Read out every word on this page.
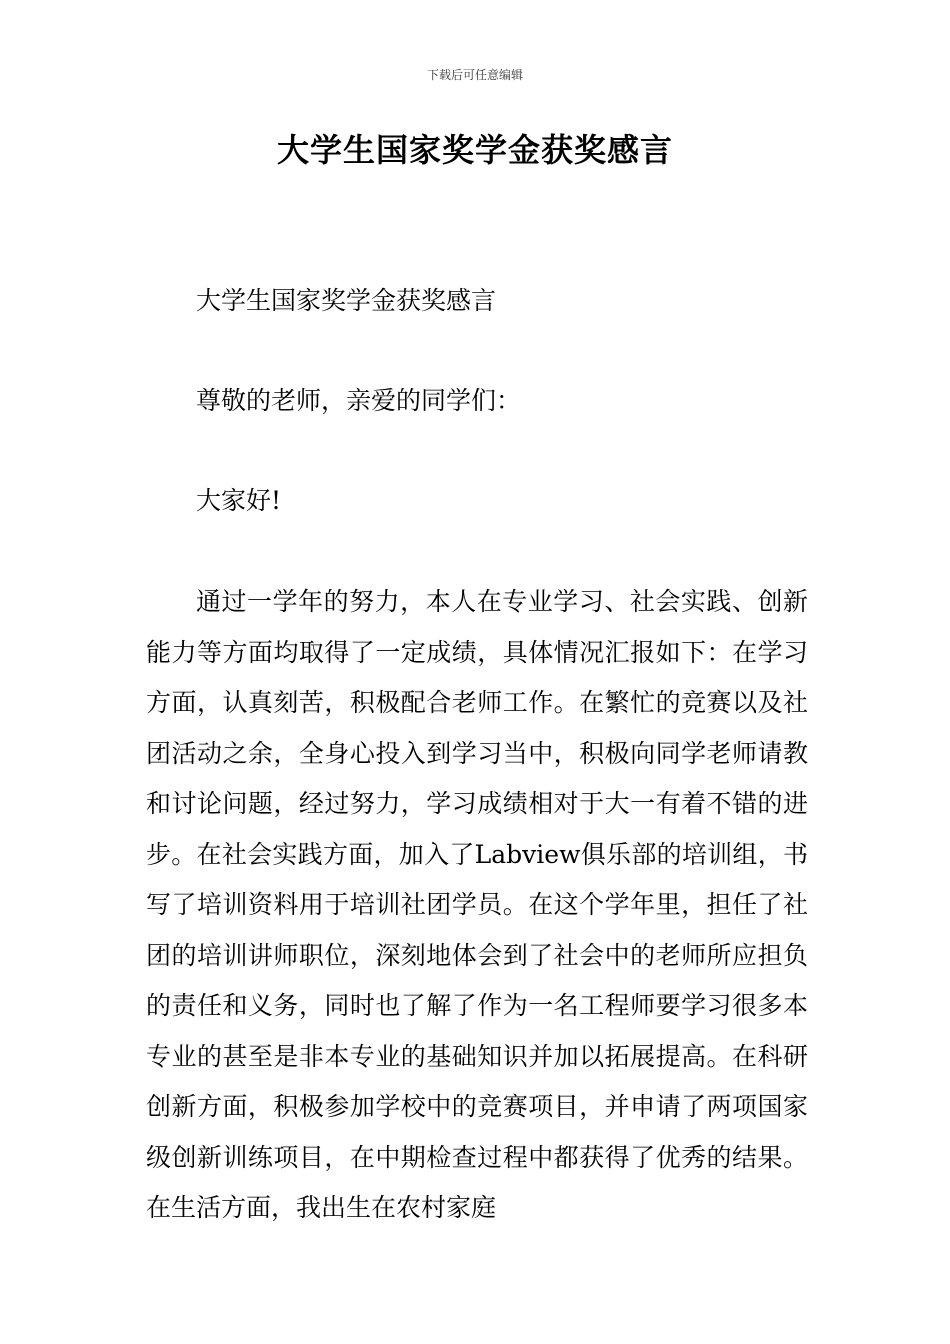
下载后可任意编辑
大学生国家奖学金获奖感言

大学生国家奖学金获奖感言

尊敬的老师，亲爱的同学们：

大家好!

通过一学年的努力，本人在专业学习、社会实践、创新能力等方面均取得了一定成绩，具体情况汇报如下：在学习方面，认真刻苦，积极配合老师工作。在繁忙的竞赛以及社团活动之余，全身心投入到学习当中，积极向同学老师请教和讨论问题，经过努力，学习成绩相对于大一有着不错的进步。在社会实践方面，加入了Labview俱乐部的培训组，书写了培训资料用于培训社团学员。在这个学年里，担任了社团的培训讲师职位，深刻地体会到了社会中的老师所应担负的责任和义务，同时也了解了作为一名工程师要学习很多本专业的甚至是非本专业的基础知识并加以拓展提高。在科研创新方面，积极参加学校中的竞赛项目，并申请了两项国家级创新训练项目，在中期检查过程中都获得了优秀的结果。在生活方面，我出生在农村家庭
